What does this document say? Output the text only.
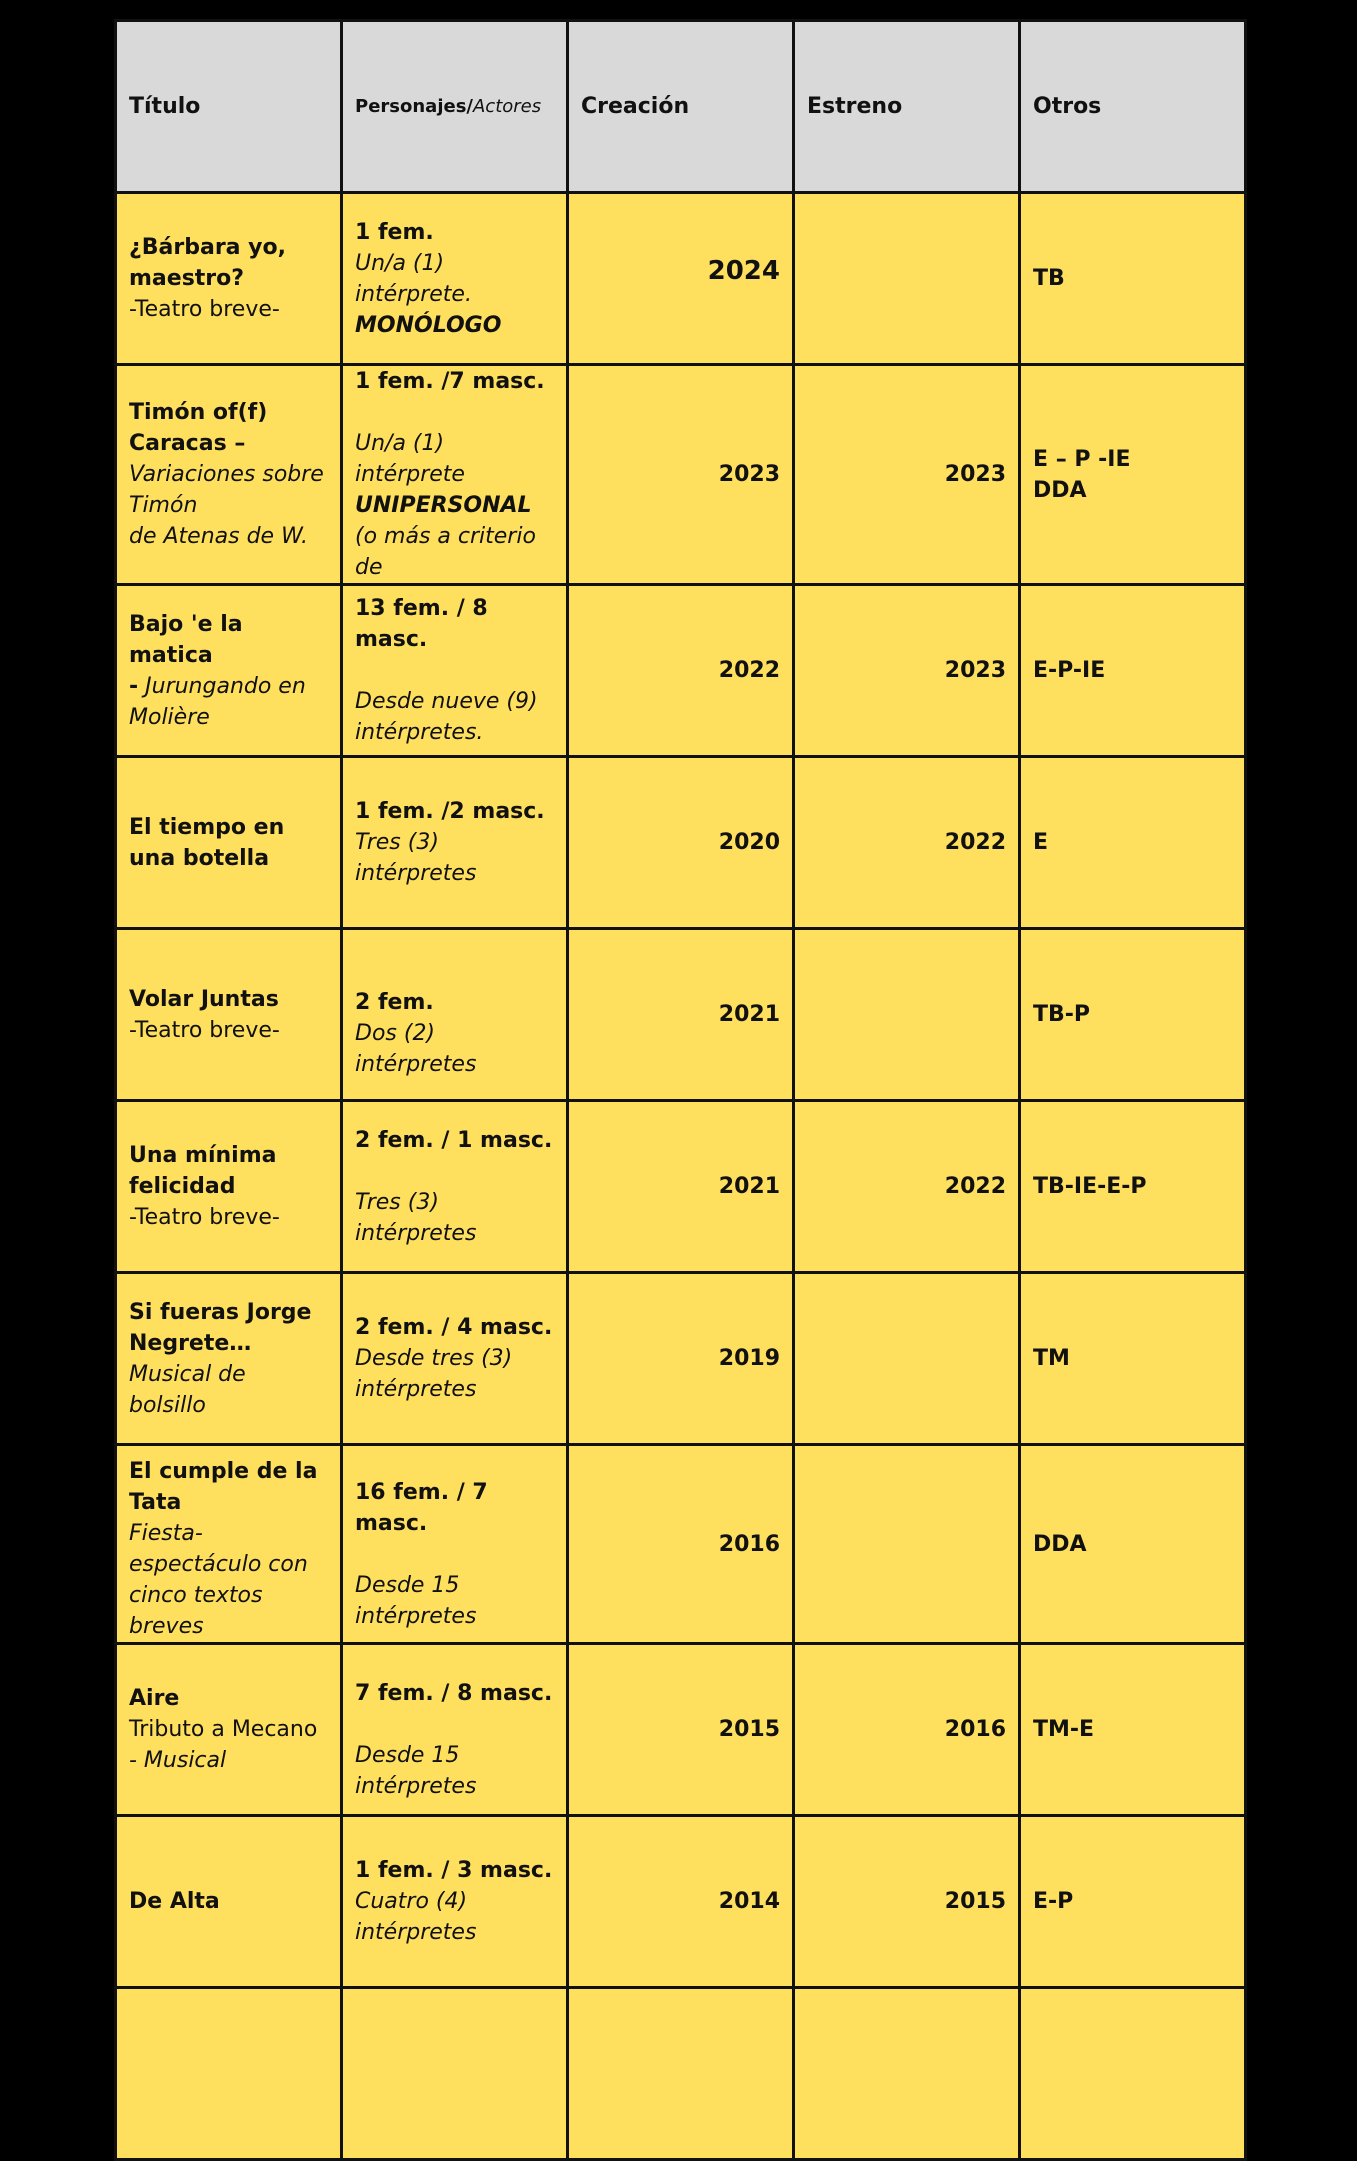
Título	Personajes/Actores	Creación	Estreno	Otros

¿Bárbara yo, maestro?
-Teatro breve-	1 fem.
Un/a (1) intérprete.
MONÓLOGO	2024		TB

Timón of(f) Caracas –
Variaciones sobre Timón
de Atenas de W.	1 fem. /7 masc.
Un/a (1) intérprete
UNIPERSONAL
(o más a criterio de	2023	2023	E – P -IE
DDA

Bajo 'e la matica
- Jurungando en Molière	13 fem. / 8 masc.
Desde nueve (9) intérpretes.	2022	2023	E-P-IE

El tiempo en una botella	1 fem. /2 masc.
Tres (3) intérpretes	2020	2022	E

Volar Juntas
-Teatro breve-	2 fem.
Dos (2) intérpretes	2021		TB-P

Una mínima felicidad
-Teatro breve-	2 fem. / 1 masc.
Tres (3) intérpretes	2021	2022	TB-IE-E-P

Si fueras Jorge Negrete…
Musical de bolsillo	2 fem. / 4 masc.
Desde tres (3) intérpretes	2019		TM

El cumple de la Tata
Fiesta-espectáculo con cinco textos breves	16 fem. / 7 masc.
Desde 15 intérpretes	2016		DDA

Aire
Tributo a Mecano
- Musical	7 fem. / 8 masc.
Desde 15 intérpretes	2015	2016	TM-E

De Alta	1 fem. / 3 masc.
Cuatro (4) intérpretes	2014	2015	E-P
